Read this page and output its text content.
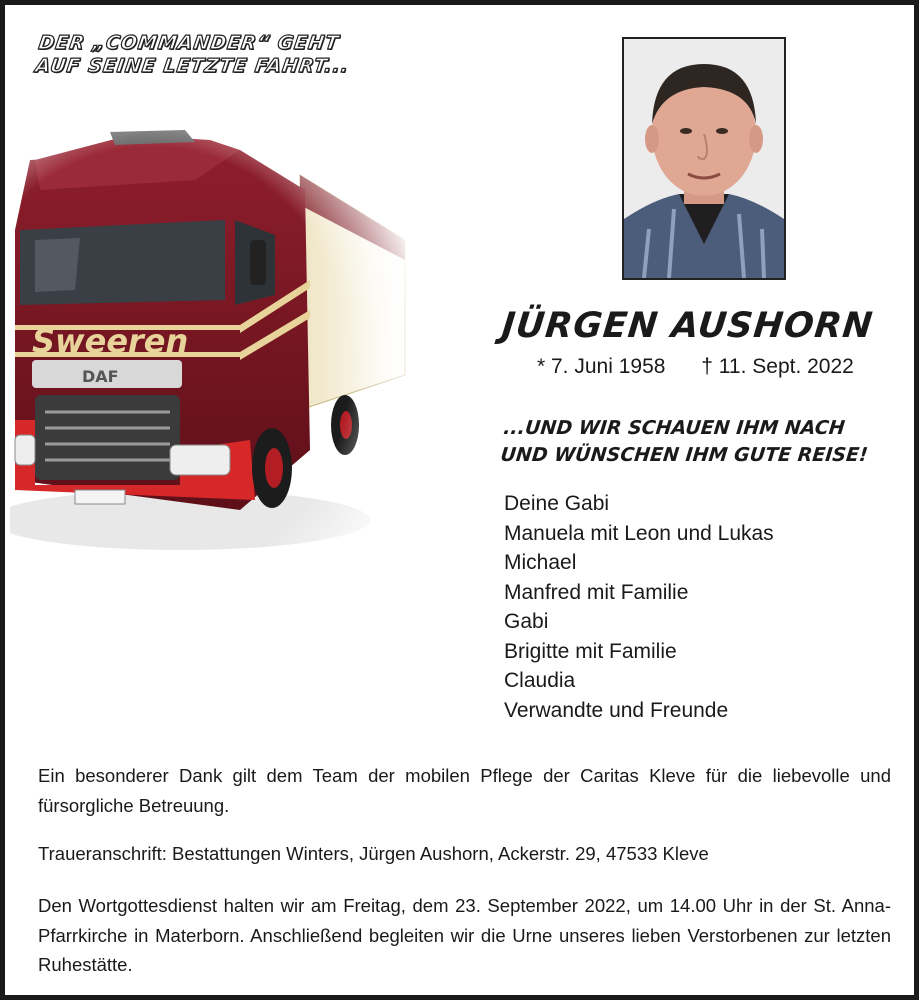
DER „COMMANDER“ GEHT
AUF SEINE LETZTE FAHRT...
JÜRGEN AUSHORN
* 7. Juni 1958 † 11. Sept. 2022
...UND WIR SCHAUEN IHM NACH
UND WÜNSCHEN IHM GUTE REISE!
Deine Gabi
Manuela mit Leon und Lukas
Michael
Manfred mit Familie
Gabi
Brigitte mit Familie
Claudia
Verwandte und Freunde

Ein besonderer Dank gilt dem Team der mobilen Pflege der Caritas Kleve für die liebevolle und fürsorgliche Betreuung.

Traueranschrift: Bestattungen Winters, Jürgen Aushorn, Ackerstr. 29, 47533 Kleve

Den Wortgottesdienst halten wir am Freitag, dem 23. September 2022, um 14.00 Uhr in der St. Anna-Pfarrkirche in Materborn. Anschließend begleiten wir die Urne unseres lieben Verstorbenen zur letzten Ruhestätte.
